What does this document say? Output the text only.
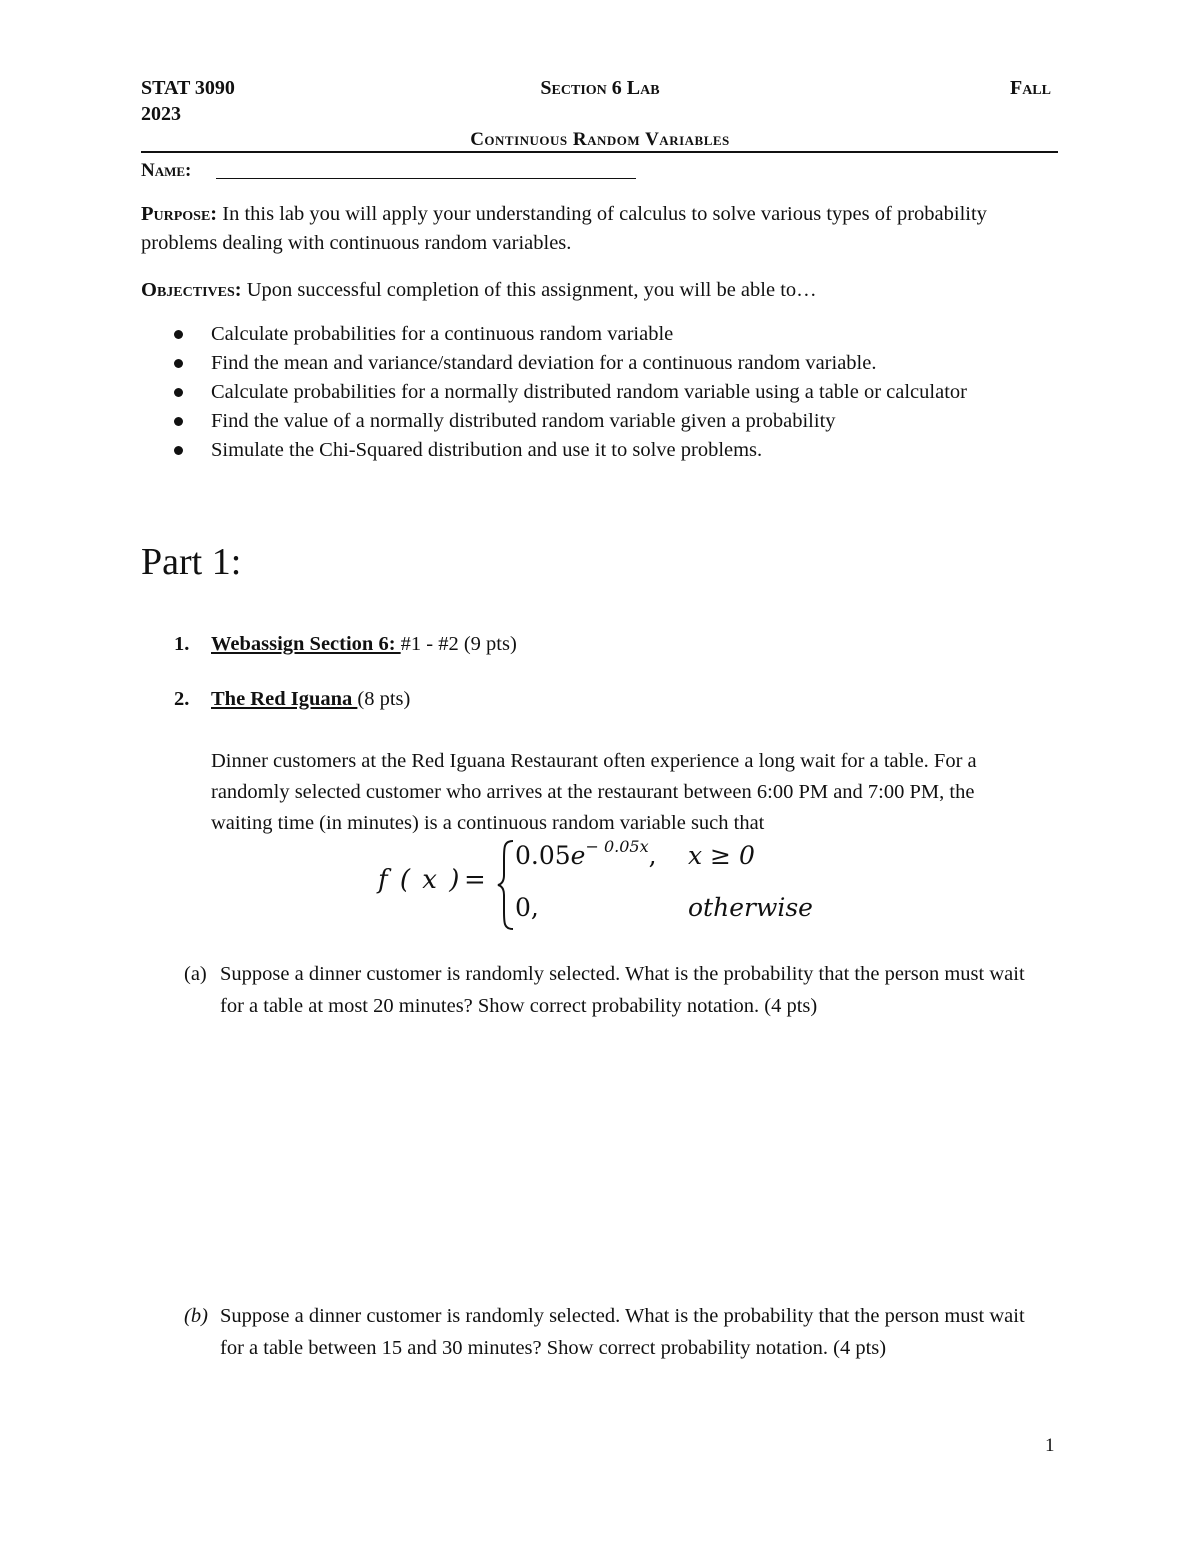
STAT 3090
2023
Section 6 Lab	Fall
Continuous Random Variables
Name:
Purpose: In this lab you will apply your understanding of calculus to solve various types of probability problems dealing with continuous random variables.
Objectives: Upon successful completion of this assignment, you will be able to…
Calculate probabilities for a continuous random variable
Find the mean and variance/standard deviation for a continuous random variable.
Calculate probabilities for a normally distributed random variable using a table or calculator
Find the value of a normally distributed random variable given a probability
Simulate the Chi-Squared distribution and use it to solve problems.
Part 1:
1. Webassign Section 6: #1 - #2 (9 pts)
2. The Red Iguana (8 pts)
Dinner customers at the Red Iguana Restaurant often experience a long wait for a table. For a randomly selected customer who arrives at the restaurant between 6:00 PM and 7:00 PM, the waiting time (in minutes) is a continuous random variable such that
f ( x ) =
$0.05e^{- 0.05x}$, x ≥ 0
0,	otherwise
(a) Suppose a dinner customer is randomly selected. What is the probability that the person must wait for a table at most 20 minutes? Show correct probability notation. (4 pts)
(b) Suppose a dinner customer is randomly selected. What is the probability that the person must wait for a table between 15 and 30 minutes? Show correct probability notation. (4 pts)
1
